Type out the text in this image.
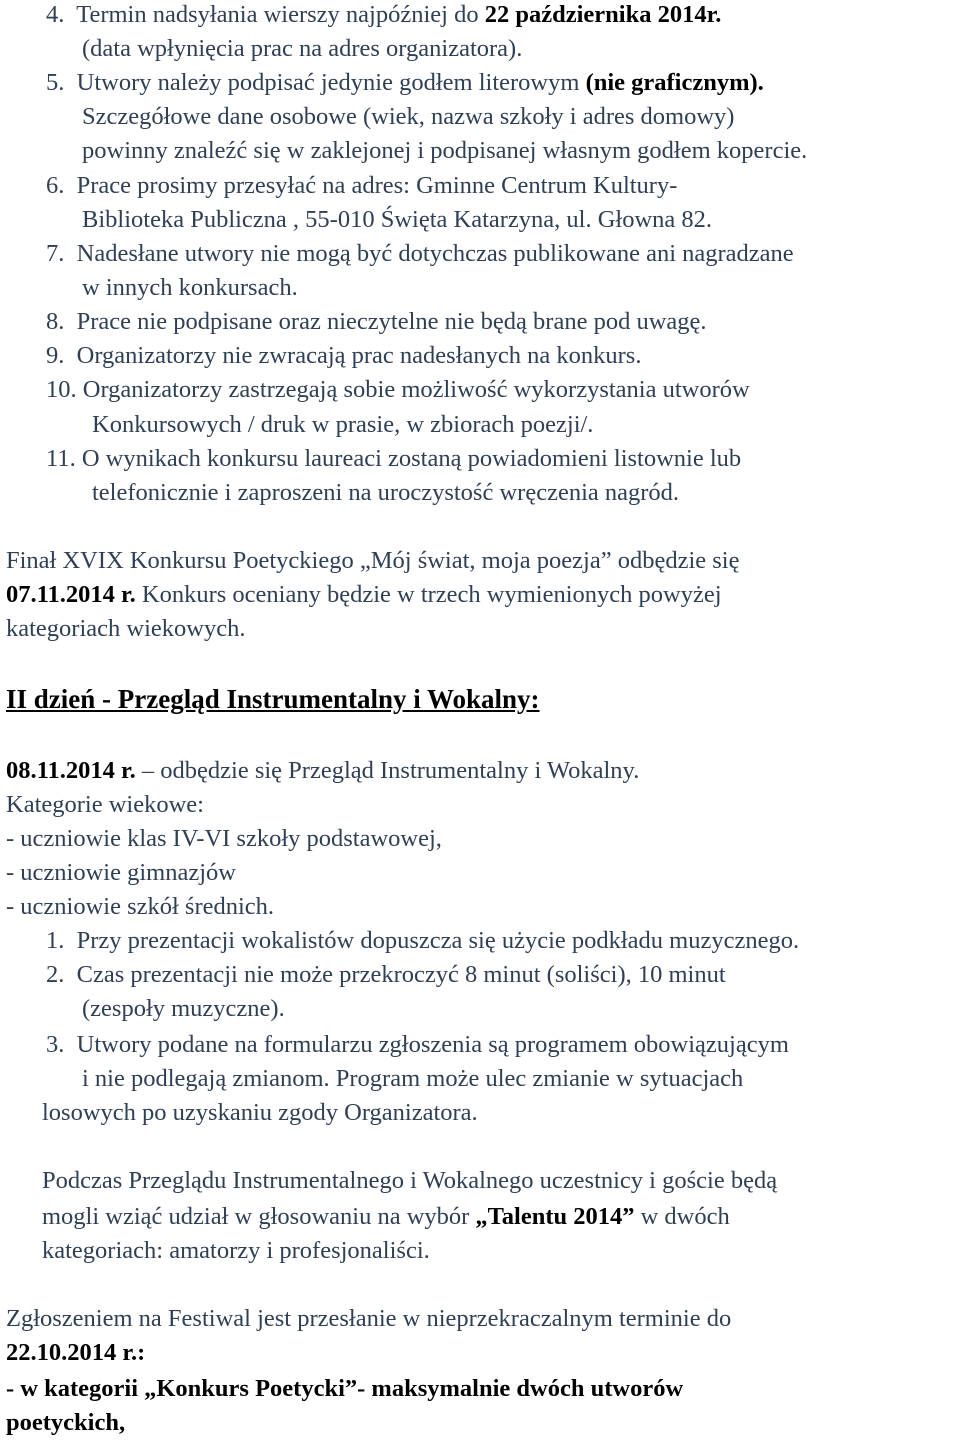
4. Termin nadsyłania wierszy najpóźniej do 22 października 2014r.
(data wpłynięcia prac na adres organizatora).
5. Utwory należy podpisać jedynie godłem literowym (nie graficznym).
Szczegółowe dane osobowe (wiek, nazwa szkoły i adres domowy)
powinny znaleźć się w zaklejonej i podpisanej własnym godłem kopercie.
6. Prace prosimy przesyłać na adres: Gminne Centrum Kultury-
Biblioteka Publiczna , 55-010 Święta Katarzyna, ul. Głowna 82.
7. Nadesłane utwory nie mogą być dotychczas publikowane ani nagradzane
w innych konkursach.
8. Prace nie podpisane oraz nieczytelne nie będą brane pod uwagę.
9. Organizatorzy nie zwracają prac nadesłanych na konkurs.
10. Organizatorzy zastrzegają sobie możliwość wykorzystania utworów
Konkursowych / druk w prasie, w zbiorach poezji/.
11. O wynikach konkursu laureaci zostaną powiadomieni listownie lub
telefonicznie i zaproszeni na uroczystość wręczenia nagród.
Finał XVIX Konkursu Poetyckiego „Mój świat, moja poezja” odbędzie się
07.11.2014 r. Konkurs oceniany będzie w trzech wymienionych powyżej
kategoriach wiekowych.
II dzień - Przegląd Instrumentalny i Wokalny:
08.11.2014 r. – odbędzie się Przegląd Instrumentalny i Wokalny.
Kategorie wiekowe:
- uczniowie klas IV-VI szkoły podstawowej,
- uczniowie gimnazjów
- uczniowie szkół średnich.
1. Przy prezentacji wokalistów dopuszcza się użycie podkładu muzycznego.
2. Czas prezentacji nie może przekroczyć 8 minut (soliści), 10 minut
(zespoły muzyczne).
3. Utwory podane na formularzu zgłoszenia są programem obowiązującym
i nie podlegają zmianom. Program może ulec zmianie w sytuacjach
losowych po uzyskaniu zgody Organizatora.
Podczas Przeglądu Instrumentalnego i Wokalnego uczestnicy i goście będą
mogli wziąć udział w głosowaniu na wybór „Talentu 2014” w dwóch
kategoriach: amatorzy i profesjonaliści.
Zgłoszeniem na Festiwal jest przesłanie w nieprzekraczalnym terminie do
22.10.2014 r.:
- w kategorii „Konkurs Poetycki”- maksymalnie dwóch utworów
poetyckich,
